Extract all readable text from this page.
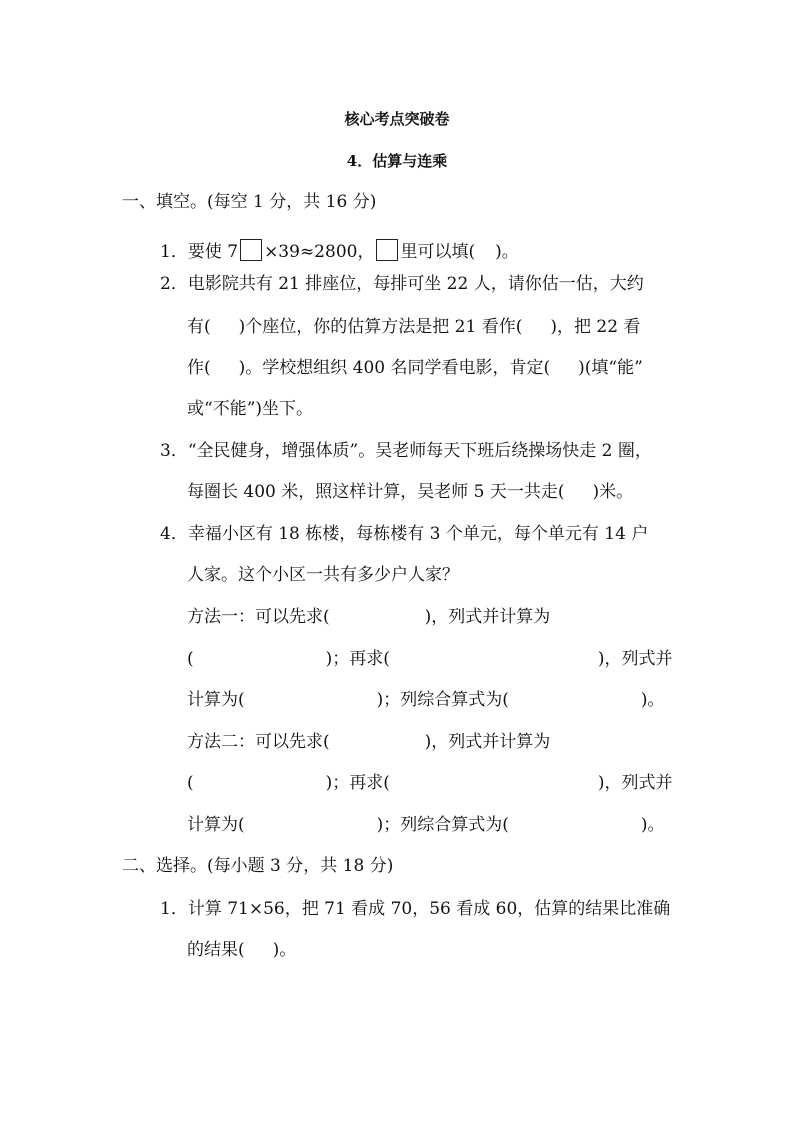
核心考点突破卷
4．估算与连乘
一、填空。(每空 1 分，共 16 分)
1．要使 7 ×39≈2800， 里可以填( )。
2．电影院共有 21 排座位，每排可坐 22 人，请你估一估，大约
有( )个座位，你的估算方法是把 21 看作( )，把 22 看
作( )。学校想组织 400 名同学看电影，肯定( )(填“能”
或“不能”)坐下。
3．“全民健身，增强体质”。吴老师每天下班后绕操场快走 2 圈，
每圈长 400 米，照这样计算，吴老师 5 天一共走( )米。
4．幸福小区有 18 栋楼，每栋楼有 3 个单元，每个单元有 14 户
人家。这个小区一共有多少户人家？
方法一：可以先求(	)，列式并计算为
(	)；再求(	)，列式并
计算为(	)；列综合算式为(	)。
方法二：可以先求(	)，列式并计算为
(	)；再求(	)，列式并
计算为(	)；列综合算式为(	)。
二、选择。(每小题 3 分，共 18 分)
1．计算 71×56，把 71 看成 70，56 看成 60，估算的结果比准确
的结果( )。
